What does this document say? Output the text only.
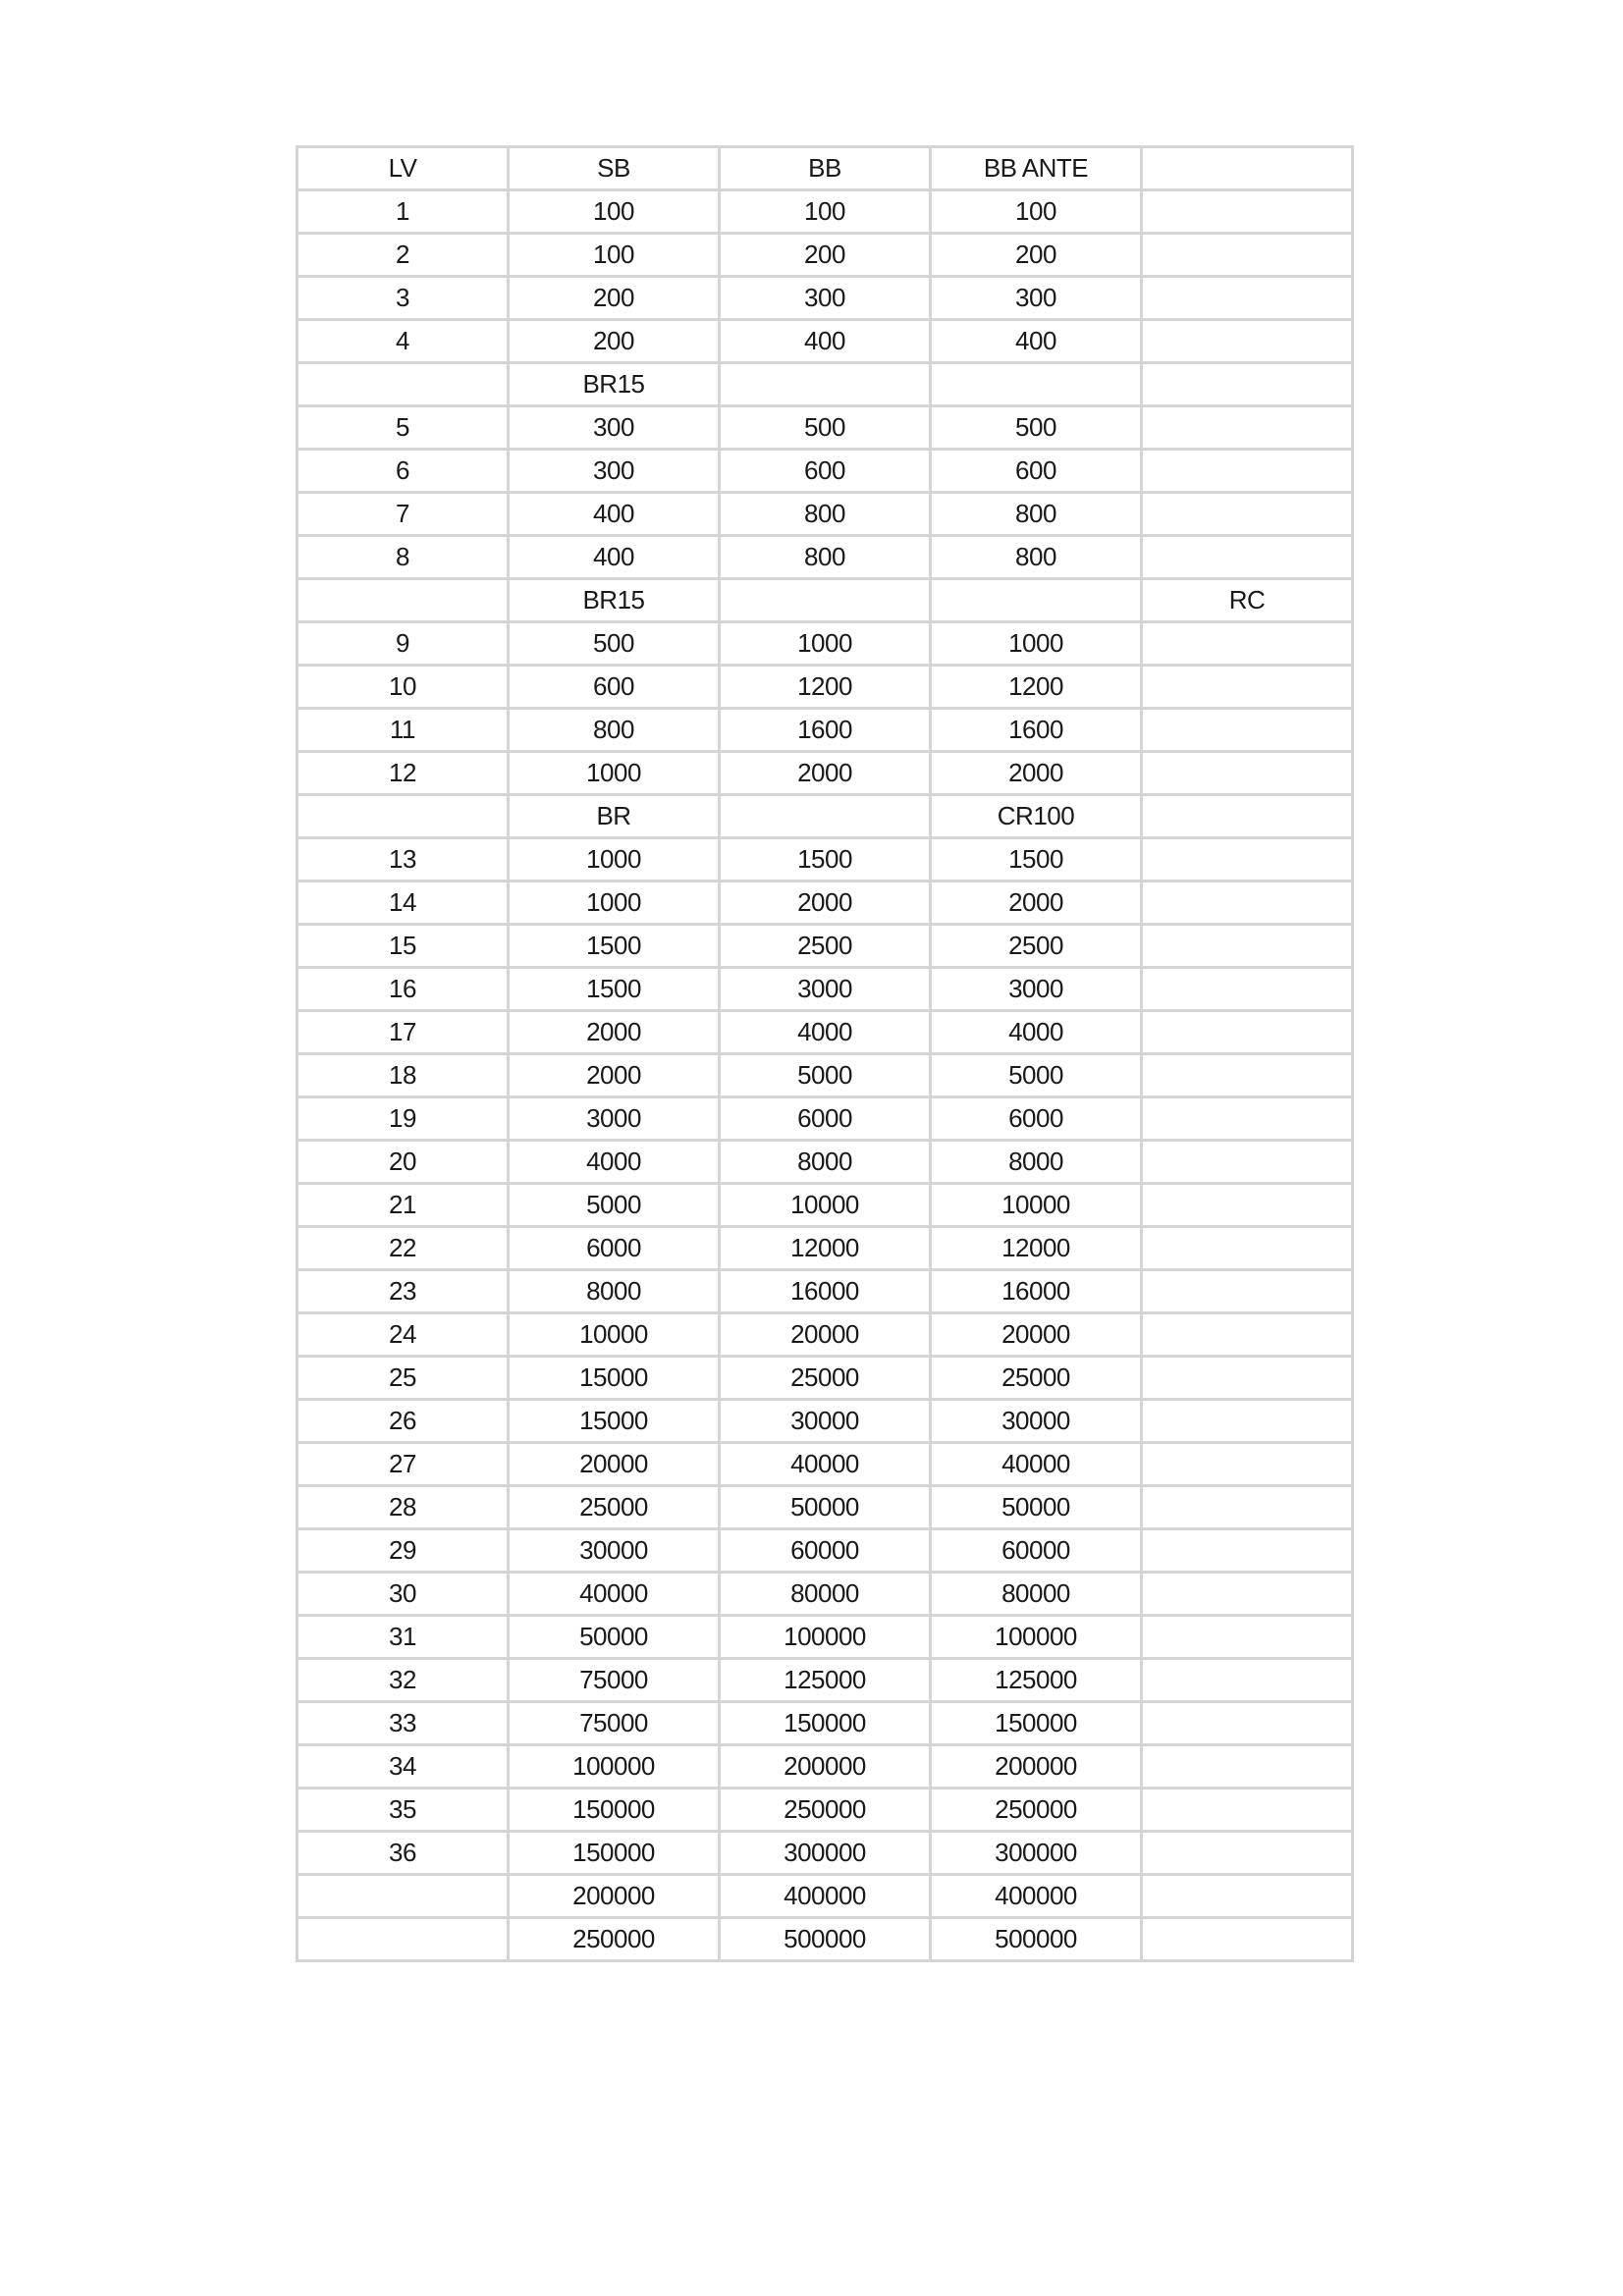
LV	SB	BB	BB ANTE	
1	100	100	100	
2	100	200	200	
3	200	300	300	
4	200	400	400	
	BR15			
5	300	500	500	
6	300	600	600	
7	400	800	800	
8	400	800	800	
	BR15			RC
9	500	1000	1000	
10	600	1200	1200	
11	800	1600	1600	
12	1000	2000	2000	
	BR		CR100	
13	1000	1500	1500	
14	1000	2000	2000	
15	1500	2500	2500	
16	1500	3000	3000	
17	2000	4000	4000	
18	2000	5000	5000	
19	3000	6000	6000	
20	4000	8000	8000	
21	5000	10000	10000	
22	6000	12000	12000	
23	8000	16000	16000	
24	10000	20000	20000	
25	15000	25000	25000	
26	15000	30000	30000	
27	20000	40000	40000	
28	25000	50000	50000	
29	30000	60000	60000	
30	40000	80000	80000	
31	50000	100000	100000	
32	75000	125000	125000	
33	75000	150000	150000	
34	100000	200000	200000	
35	150000	250000	250000	
36	150000	300000	300000	
	200000	400000	400000	
	250000	500000	500000	
